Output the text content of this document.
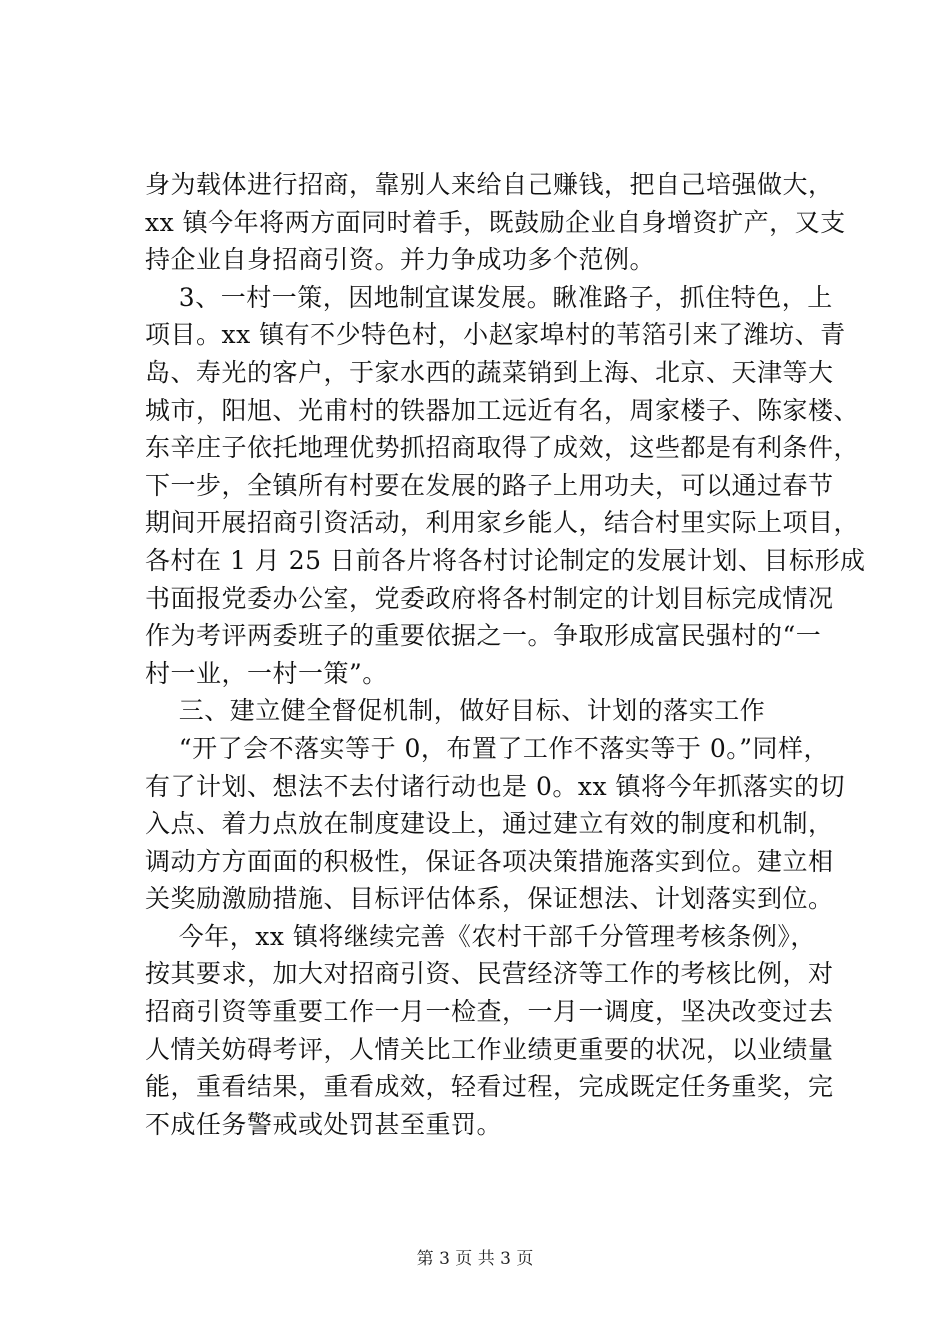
身为载体进行招商，靠别人来给自己赚钱，把自己培强做大，
xx 镇今年将两方面同时着手，既鼓励企业自身增资扩产，又支
持企业自身招商引资。并力争成功多个范例。
3、一村一策，因地制宜谋发展。瞅准路子，抓住特色，上
项目。xx 镇有不少特色村，小赵家埠村的苇箔引来了潍坊、青
岛、寿光的客户，于家水西的蔬菜销到上海、北京、天津等大
城市，阳旭、光甫村的铁器加工远近有名，周家楼子、陈家楼、
东辛庄子依托地理优势抓招商取得了成效，这些都是有利条件，
下一步，全镇所有村要在发展的路子上用功夫，可以通过春节
期间开展招商引资活动，利用家乡能人，结合村里实际上项目，
各村在 1 月 25 日前各片将各村讨论制定的发展计划、目标形成
书面报党委办公室，党委政府将各村制定的计划目标完成情况
作为考评两委班子的重要依据之一。争取形成富民强村的“一
村一业，一村一策”。
三、建立健全督促机制，做好目标、计划的落实工作
“开了会不落实等于 0，布置了工作不落实等于 0。”同样，
有了计划、想法不去付诸行动也是 0。xx 镇将今年抓落实的切
入点、着力点放在制度建设上，通过建立有效的制度和机制，
调动方方面面的积极性，保证各项决策措施落实到位。建立相
关奖励激励措施、目标评估体系，保证想法、计划落实到位。
今年，xx 镇将继续完善《农村干部千分管理考核条例》，
按其要求，加大对招商引资、民营经济等工作的考核比例，对
招商引资等重要工作一月一检查，一月一调度，坚决改变过去
人情关妨碍考评，人情关比工作业绩更重要的状况，以业绩量
能，重看结果，重看成效，轻看过程，完成既定任务重奖，完
不成任务警戒或处罚甚至重罚。
第 3 页 共 3 页
